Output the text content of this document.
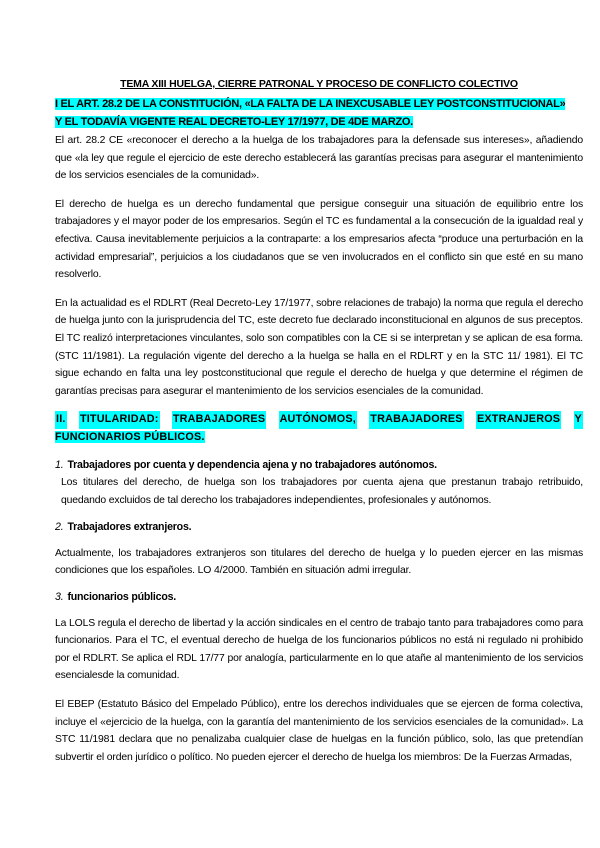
TEMA XIII HUELGA, CIERRE PATRONAL Y PROCESO DE CONFLICTO COLECTIVO
I EL ART. 28.2 DE LA CONSTITUCIÓN, «LA FALTA DE LA INEXCUSABLE LEY POSTCONSTITUCIONAL»
Y EL TODAVÍA VIGENTE REAL DECRETO-LEY 17/1977, DE 4DE MARZO.

El art. 28.2 CE «reconocer el derecho a la huelga de los trabajadores para la defensade sus intereses», añadiendo que «la ley que regule el ejercicio de este derecho establecerá las garantías precisas para asegurar el mantenimiento de los servicios esenciales de la comunidad».

El derecho de huelga es un derecho fundamental que persigue conseguir una situación de equilibrio entre los trabajadores y el mayor poder de los empresarios. Según el TC es fundamental a la consecución de la igualdad real y efectiva. Causa inevitablemente perjuicios a la contraparte: a los empresarios afecta “produce una perturbación en la actividad empresarial”, perjuicios a los ciudadanos que se ven involucrados en el conflicto sin que esté en su mano resolverlo.

En la actualidad es el RDLRT (Real Decreto-Ley 17/1977, sobre relaciones de trabajo) la norma que regula el derecho de huelga junto con la jurisprudencia del TC, este decreto fue declarado inconstitucional en algunos de sus preceptos. El TC realizó interpretaciones vinculantes, solo son compatibles con la CE si se interpretan y se aplican de esa forma. (STC 11/1981). La regulación vigente del derecho a la huelga se halla en el RDLRT y en la STC 11/ 1981). El TC sigue echando en falta una ley postconstitucional que regule el derecho de huelga y que determine el régimen de garantías precisas para asegurar el mantenimiento de los servicios esenciales de la comunidad.

II. TITULARIDAD: TRABAJADORES AUTÓNOMOS, TRABAJADORES EXTRANJEROS Y
FUNCIONARIOS PÚBLICOS.
1. Trabajadores por cuenta y dependencia ajena y no trabajadores autónomos.

Los titulares del derecho, de huelga son los trabajadores por cuenta ajena que prestanun trabajo retribuido, quedando excluidos de tal derecho los trabajadores independientes, profesionales y autónomos.

2. Trabajadores extranjeros.

Actualmente, los trabajadores extranjeros son titulares del derecho de huelga y lo pueden ejercer en las mismas condiciones que los españoles. LO 4/2000. También en situación admi irregular.

3. funcionarios públicos.

La LOLS regula el derecho de libertad y la acción sindicales en el centro de trabajo tanto para trabajadores como para funcionarios. Para el TC, el eventual derecho de huelga de los funcionarios públicos no está ni regulado ni prohibido por el RDLRT. Se aplica el RDL 17/77 por analogía, particularmente en lo que atañe al mantenimiento de los servicios esencialesde la comunidad.

El EBEP (Estatuto Básico del Empelado Público), entre los derechos individuales que se ejercen de forma colectiva, incluye el «ejercicio de la huelga, con la garantía del mantenimiento de los servicios esenciales de la comunidad». La STC 11/1981 declara que no penalizaba cualquier clase de huelgas en la función público, solo, las que pretendían subvertir el orden jurídico o político. No pueden ejercer el derecho de huelga los miembros: De la Fuerzas Armadas,
